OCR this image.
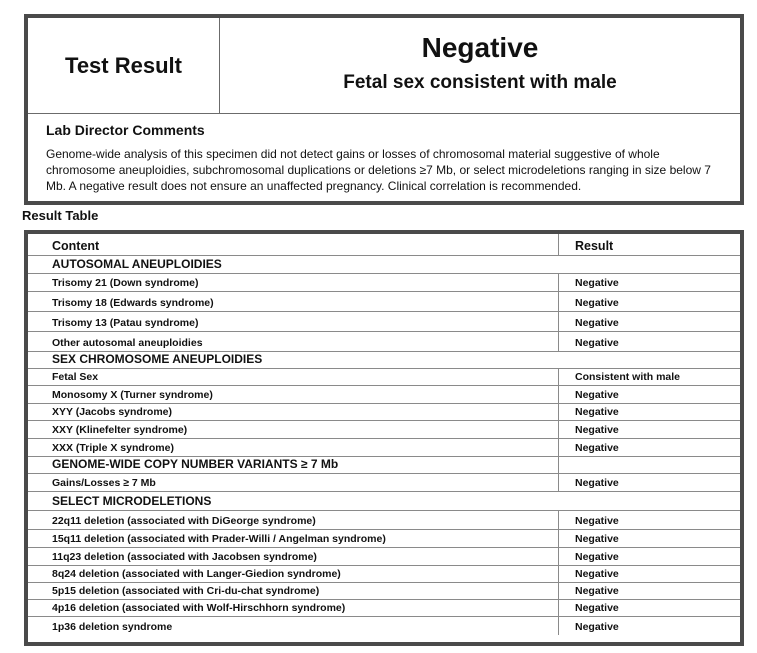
Test Result
Negative
Fetal sex consistent with male
Lab Director Comments
Genome-wide analysis of this specimen did not detect gains or losses of chromosomal material suggestive of whole chromosome aneuploidies, subchromosomal duplications or deletions ≥7 Mb, or select microdeletions ranging in size below 7 Mb. A negative result does not ensure an unaffected pregnancy. Clinical correlation is recommended.
Result Table
Content	Result
AUTOSOMAL ANEUPLOIDIES
Trisomy 21 (Down syndrome)	Negative
Trisomy 18 (Edwards syndrome)	Negative
Trisomy 13 (Patau syndrome)	Negative
Other autosomal aneuploidies	Negative
SEX CHROMOSOME ANEUPLOIDIES
Fetal Sex	Consistent with male
Monosomy X (Turner syndrome)	Negative
XYY (Jacobs syndrome)	Negative
XXY (Klinefelter syndrome)	Negative
XXX (Triple X syndrome)	Negative
GENOME-WIDE COPY NUMBER VARIANTS ≥ 7 Mb
Gains/Losses ≥ 7 Mb	Negative
SELECT MICRODELETIONS
22q11 deletion (associated with DiGeorge syndrome)	Negative
15q11 deletion (associated with Prader-Willi / Angelman syndrome)	Negative
11q23 deletion (associated with Jacobsen syndrome)	Negative
8q24 deletion (associated with Langer-Giedion syndrome)	Negative
5p15 deletion (associated with Cri-du-chat syndrome)	Negative
4p16 deletion (associated with Wolf-Hirschhorn syndrome)	Negative
1p36 deletion syndrome	Negative
